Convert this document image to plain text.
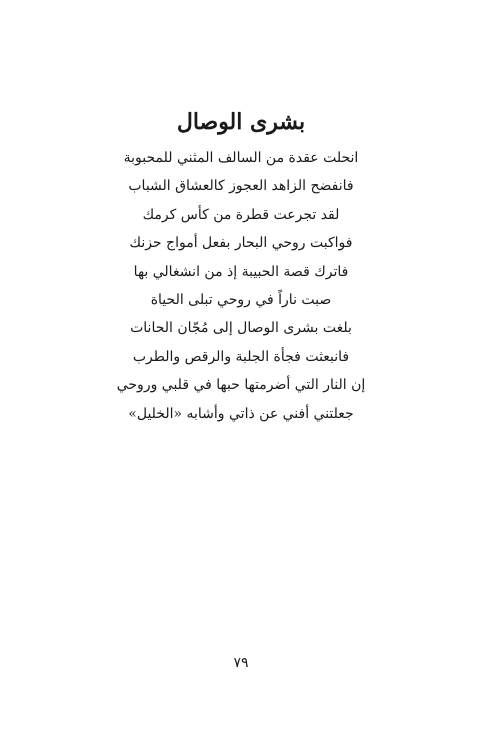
بشرى الوصال
انحلت عقدة من السالف المثني للمحبوبة
فانفضح الزاهد العجوز كالعشاق الشباب
لقد تجرعت قطرة من كأس كرمك
فواكبت روحي البحار بفعل أمواج حزنك
فاترك قصة الحبيبة إذ من انشغالي بها
صبت ناراً في روحي تبلى الحياة
بلغت بشرى الوصال إلى مُجّان الحانات
فانبعثت فجأة الجلبة والرقص والطرب
إن النار التي أضرمتها حبها في قلبي وروحي
جعلتني أفني عن ذاتي وأشابه «الخليل»
٧٩
